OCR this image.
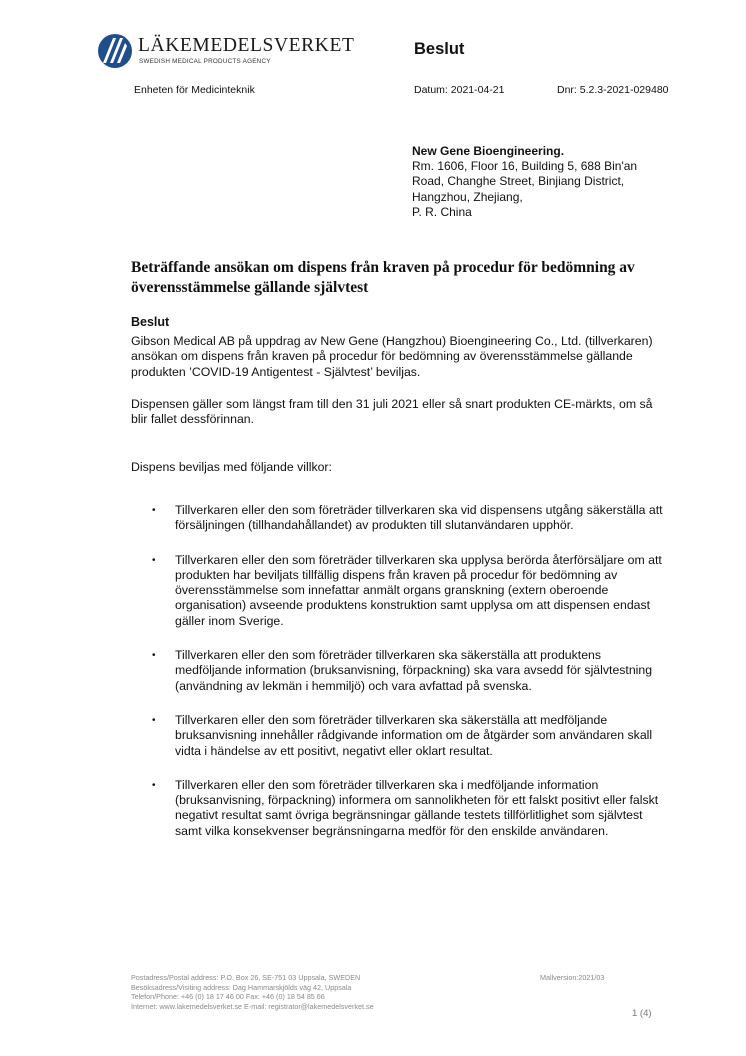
LÄKEMEDELSVERKET
SWEDISH MEDICAL PRODUCTS AGENCY
Beslut
Enheten för Medicinteknik	Datum: 2021-04-21	Dnr: 5.2.3-2021-029480
New Gene Bioengineering.
Rm. 1606, Floor 16, Building 5, 688 Bin'an
Road, Changhe Street, Binjiang District,
Hangzhou, Zhejiang,
P. R. China
Beträffande ansökan om dispens från kraven på procedur för bedömning av överensstämmelse gällande självtest
Beslut
Gibson Medical AB på uppdrag av New Gene (Hangzhou) Bioengineering Co., Ltd. (tillverkaren) ansökan om dispens från kraven på procedur för bedömning av överensstämmelse gällande produkten ’COVID-19 Antigentest - Självtest’ beviljas.
Dispensen gäller som längst fram till den 31 juli 2021 eller så snart produkten CE-märkts, om så blir fallet dessförinnan.
Dispens beviljas med följande villkor:
• Tillverkaren eller den som företräder tillverkaren ska vid dispensens utgång säkerställa att försäljningen (tillhandahållandet) av produkten till slutanvändaren upphör.
• Tillverkaren eller den som företräder tillverkaren ska upplysa berörda återförsäljare om att produkten har beviljats tillfällig dispens från kraven på procedur för bedömning av överensstämmelse som innefattar anmält organs granskning (extern oberoende organisation) avseende produktens konstruktion samt upplysa om att dispensen endast gäller inom Sverige.
• Tillverkaren eller den som företräder tillverkaren ska säkerställa att produktens medföljande information (bruksanvisning, förpackning) ska vara avsedd för självtestning (användning av lekmän i hemmiljö) och vara avfattad på svenska.
• Tillverkaren eller den som företräder tillverkaren ska säkerställa att medföljande bruksanvisning innehåller rådgivande information om de åtgärder som användaren skall vidta i händelse av ett positivt, negativt eller oklart resultat.
• Tillverkaren eller den som företräder tillverkaren ska i medföljande information (bruksanvisning, förpackning) informera om sannolikheten för ett falskt positivt eller falskt negativt resultat samt övriga begränsningar gällande testets tillförlitlighet som självtest samt vilka konsekvenser begränsningarna medför för den enskilde användaren.
Postadress/Postal address: P.O. Box 26, SE-751 03 Uppsala, SWEDEN
Besöksadress/Visiting address: Dag Hammarskjölds väg 42, Uppsala
Telefon/Phone: +46 (0) 18 17 46 00 Fax: +46 (0) 18 54 85 66
Internet: www.lakemedelsverket.se E-mail: registrator@lakemedelsverket.se
Mallversion:2021/03
1 (4)
